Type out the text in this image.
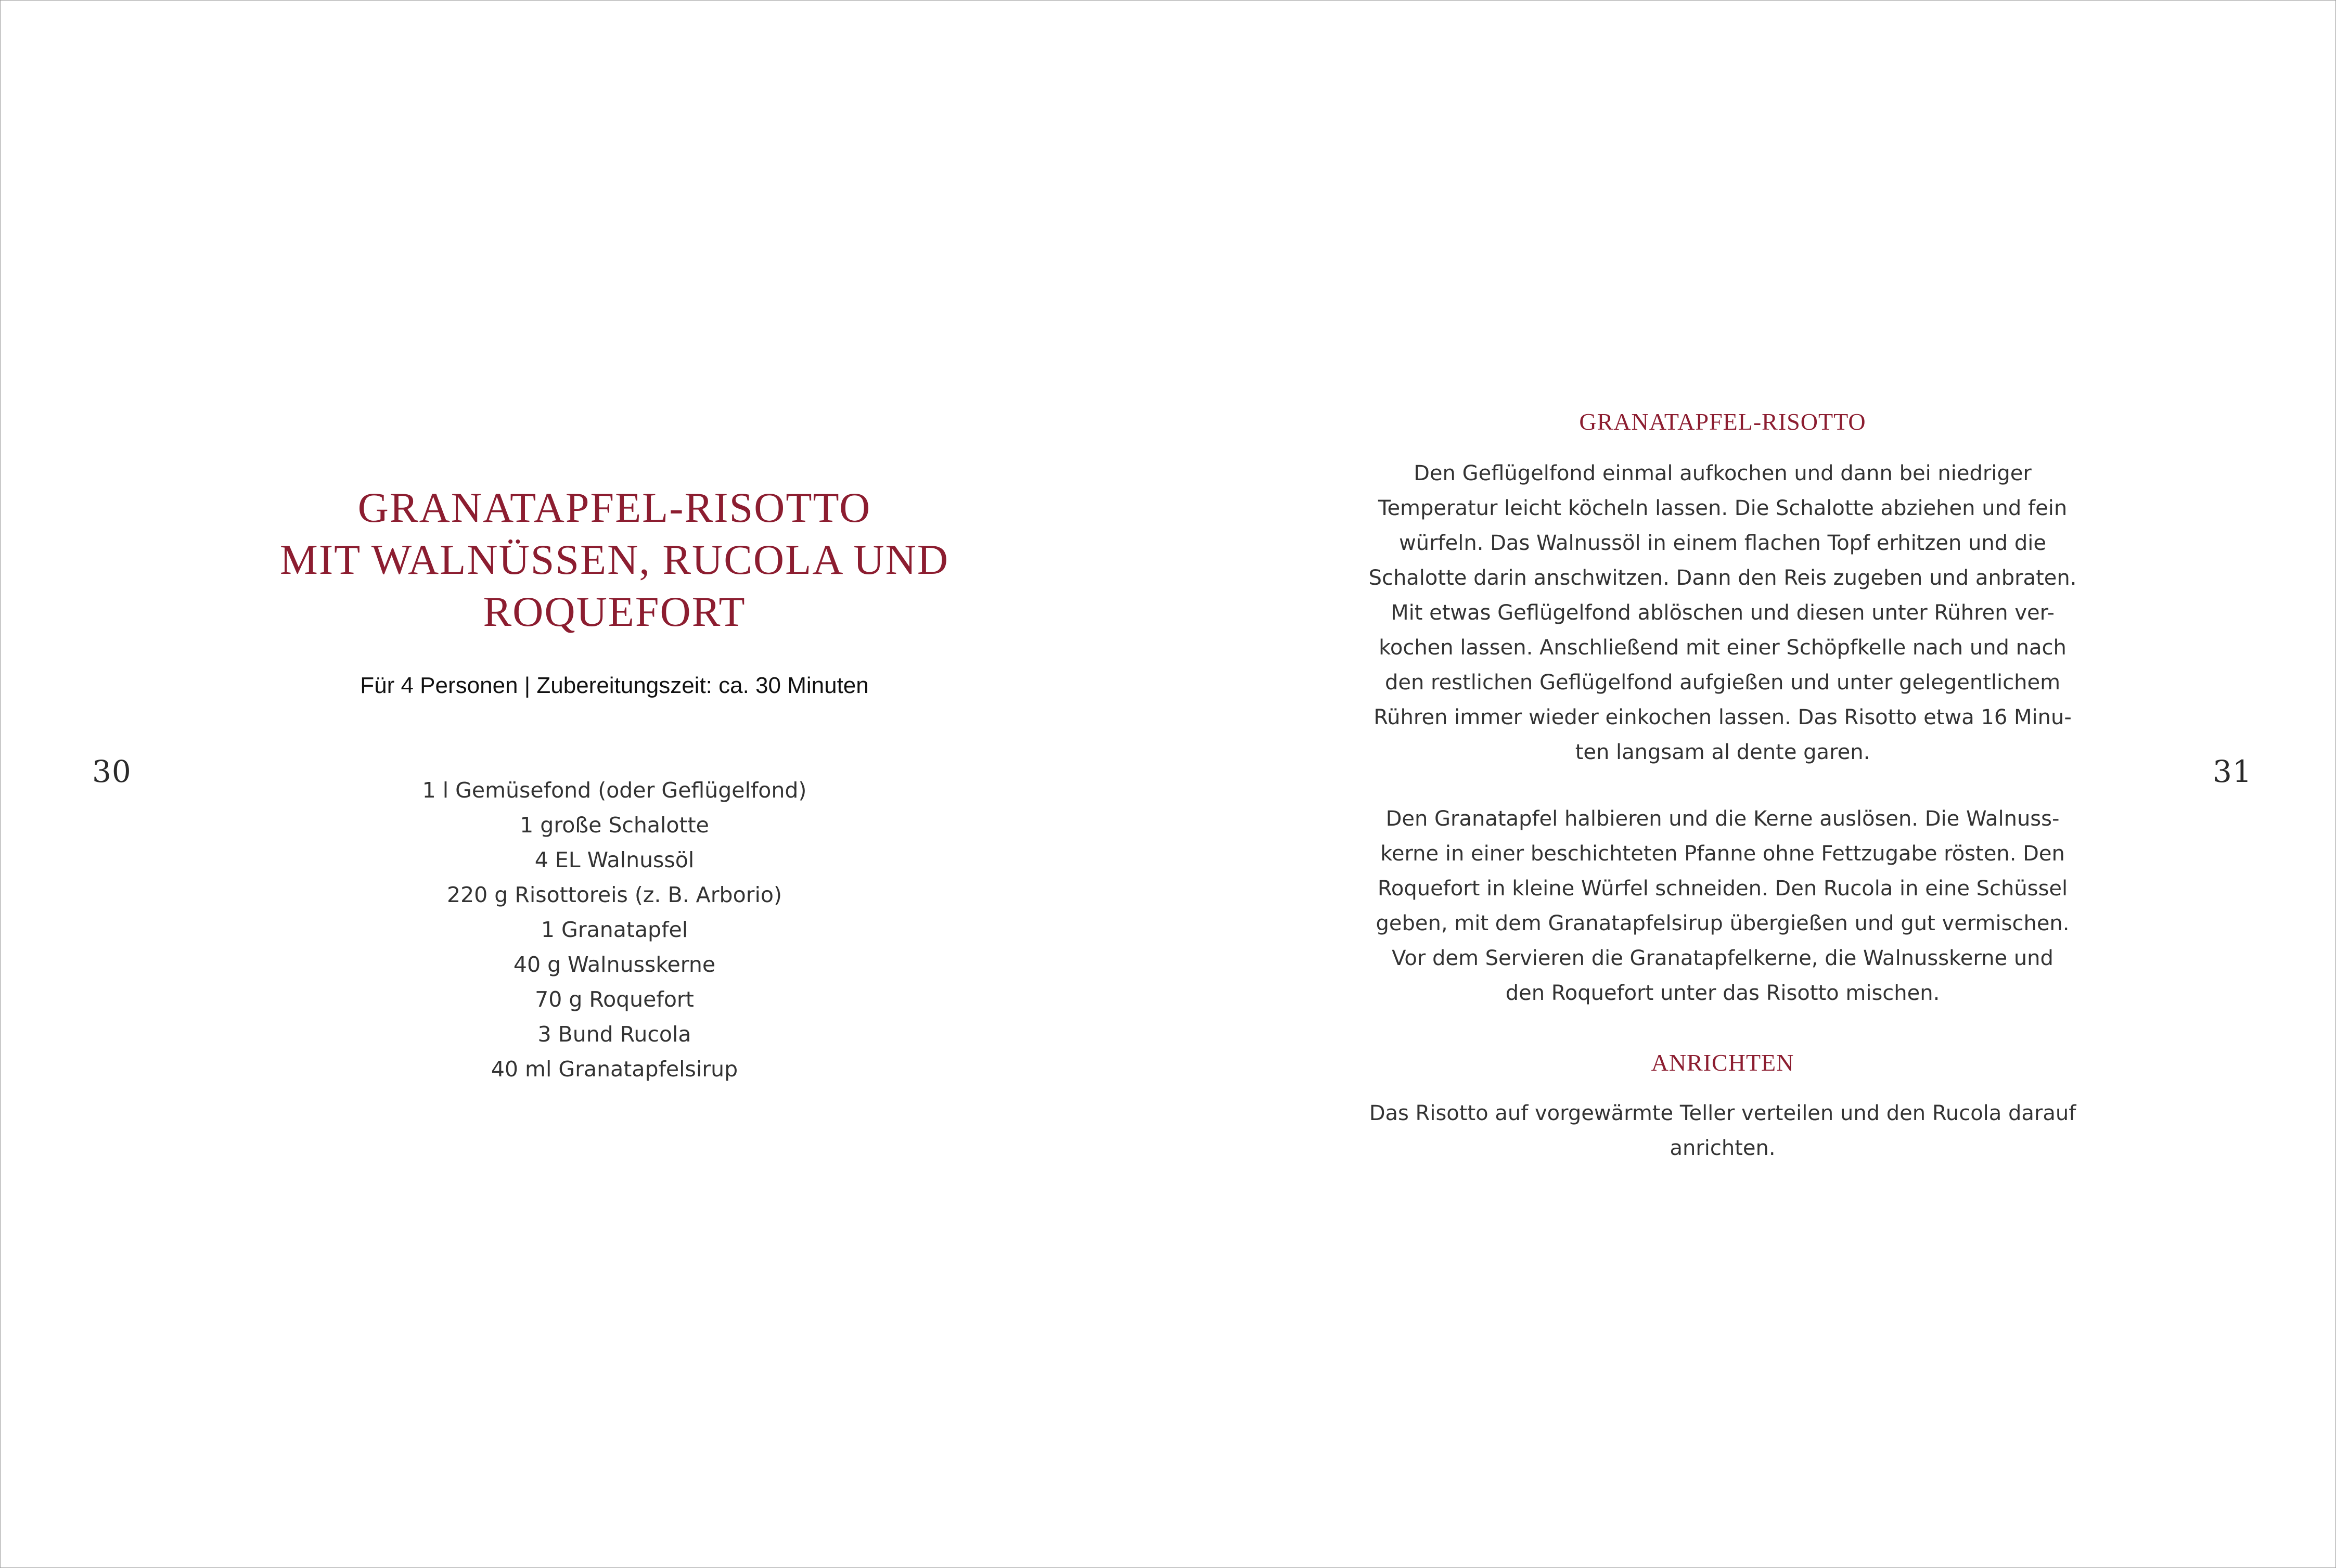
30
GRANATAPFEL-RISOTTO
MIT WALNÜSSEN, RUCOLA UND
ROQUEFORT
Für 4 Personen | Zubereitungszeit: ca. 30 Minuten
1 l Gemüsefond (oder Geflügelfond)
1 große Schalotte
4 EL Walnussöl
220 g Risottoreis (z. B. Arborio)
1 Granatapfel
40 g Walnusskerne
70 g Roquefort
3 Bund Rucola
40 ml Granatapfelsirup
31
GRANATAPFEL-RISOTTO

Den Geflügelfond einmal aufkochen und dann bei niedriger
Temperatur leicht köcheln lassen. Die Schalotte abziehen und fein
würfeln. Das Walnussöl in einem flachen Topf erhitzen und die
Schalotte darin anschwitzen. Dann den Reis zugeben und anbraten.
Mit etwas Geflügelfond ablöschen und diesen unter Rühren ver-
kochen lassen. Anschließend mit einer Schöpfkelle nach und nach
den restlichen Geflügelfond aufgießen und unter gelegentlichem
Rühren immer wieder einkochen lassen. Das Risotto etwa 16 Minu-
ten langsam al dente garen.

Den Granatapfel halbieren und die Kerne auslösen. Die Walnuss-
kerne in einer beschichteten Pfanne ohne Fettzugabe rösten. Den
Roquefort in kleine Würfel schneiden. Den Rucola in eine Schüssel
geben, mit dem Granatapfelsirup übergießen und gut vermischen.
Vor dem Servieren die Granatapfelkerne, die Walnusskerne und
den Roquefort unter das Risotto mischen.

ANRICHTEN

Das Risotto auf vorgewärmte Teller verteilen und den Rucola darauf
anrichten.
